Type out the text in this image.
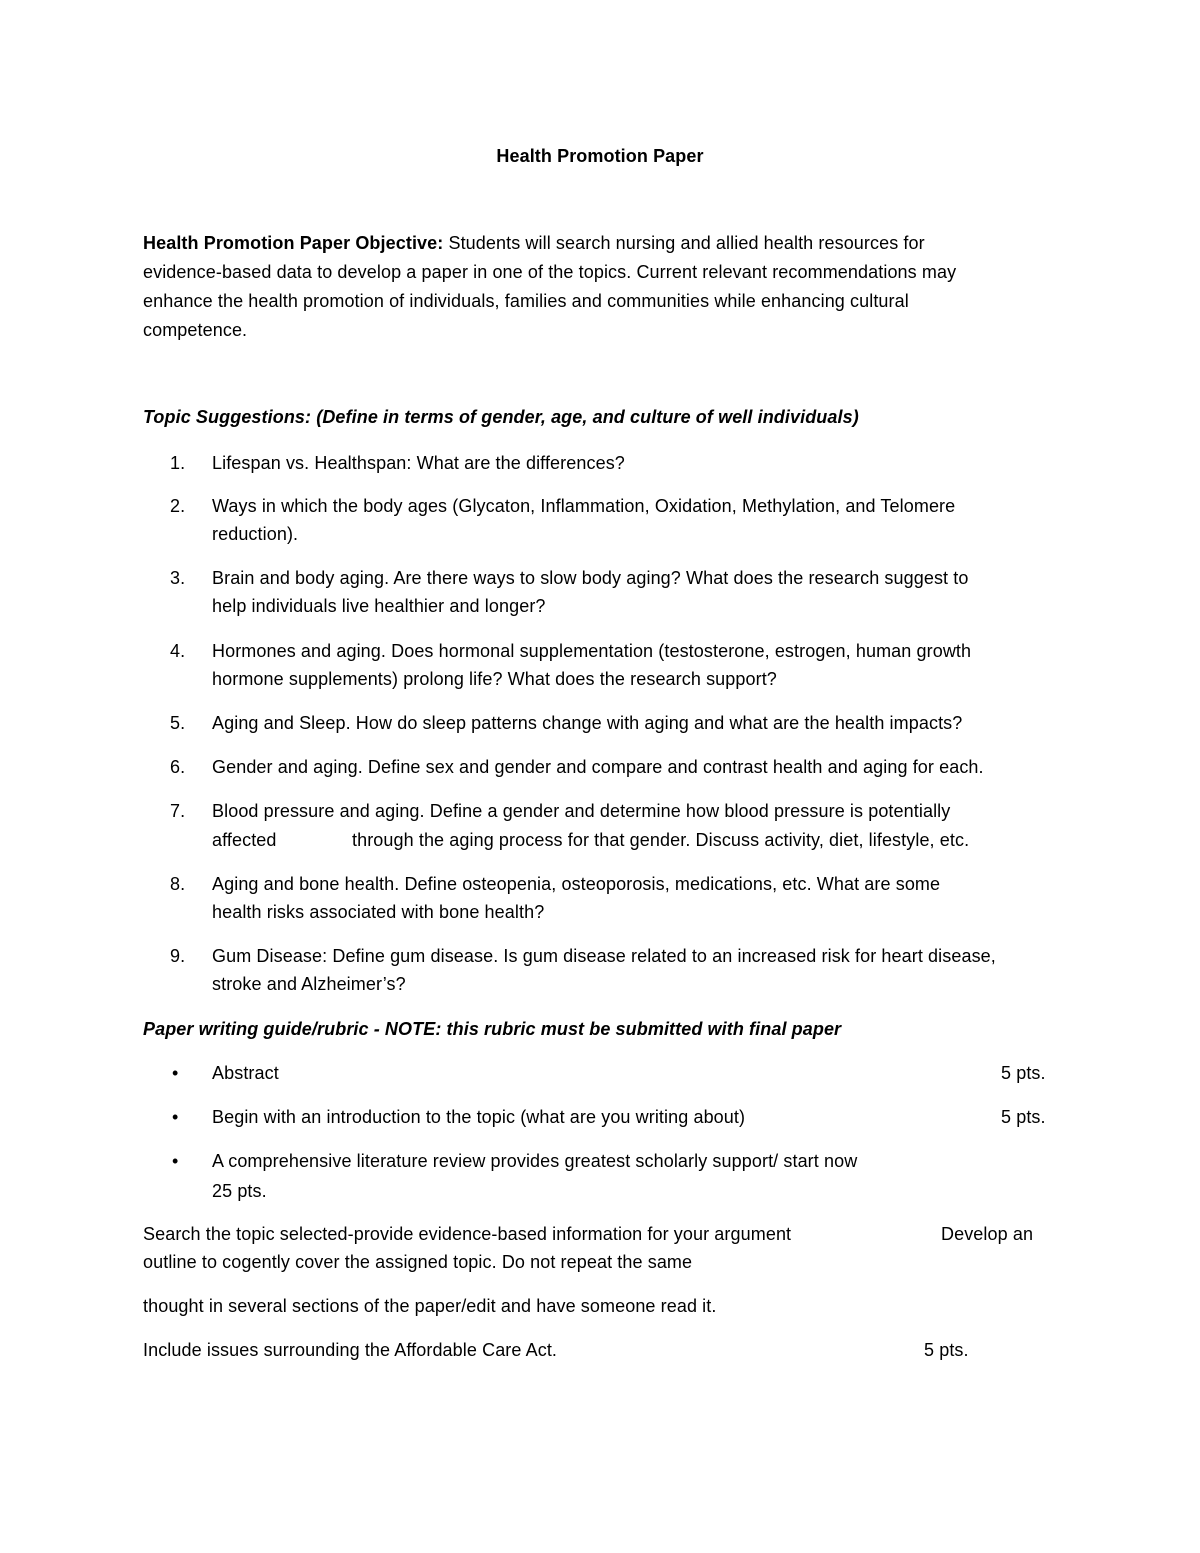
Health Promotion Paper
Health Promotion Paper Objective: Students will search nursing and allied health resources for
evidence-based data to develop a paper in one of the topics. Current relevant recommendations may
enhance the health promotion of individuals, families and communities while enhancing cultural
competence.
Topic Suggestions: (Define in terms of gender, age, and culture of well individuals)
1.	Lifespan vs. Healthspan: What are the differences?
2.	Ways in which the body ages (Glycaton, Inflammation, Oxidation, Methylation, and Telomere
reduction).
3.	Brain and body aging. Are there ways to slow body aging? What does the research suggest to
help individuals live healthier and longer?
4.	Hormones and aging. Does hormonal supplementation (testosterone, estrogen, human growth
hormone supplements) prolong life? What does the research support?
5.	Aging and Sleep. How do sleep patterns change with aging and what are the health impacts?
6.	Gender and aging. Define sex and gender and compare and contrast health and aging for each.
7.	Blood pressure and aging. Define a gender and determine how blood pressure is potentially
affected	through the aging process for that gender. Discuss activity, diet, lifestyle, etc.
8.	Aging and bone health. Define osteopenia, osteoporosis, medications, etc. What are some
health risks associated with bone health?
9.	Gum Disease: Define gum disease. Is gum disease related to an increased risk for heart disease,
stroke and Alzheimer’s?
Paper writing guide/rubric - NOTE: this rubric must be submitted with final paper
• Abstract	5 pts.
• Begin with an introduction to the topic (what are you writing about)	5 pts.
• A comprehensive literature review provides greatest scholarly support/ start now
25 pts.
Search the topic selected-provide evidence-based information for your argument	Develop an
outline to cogently cover the assigned topic. Do not repeat the same
thought in several sections of the paper/edit and have someone read it.
Include issues surrounding the Affordable Care Act.	5 pts.
